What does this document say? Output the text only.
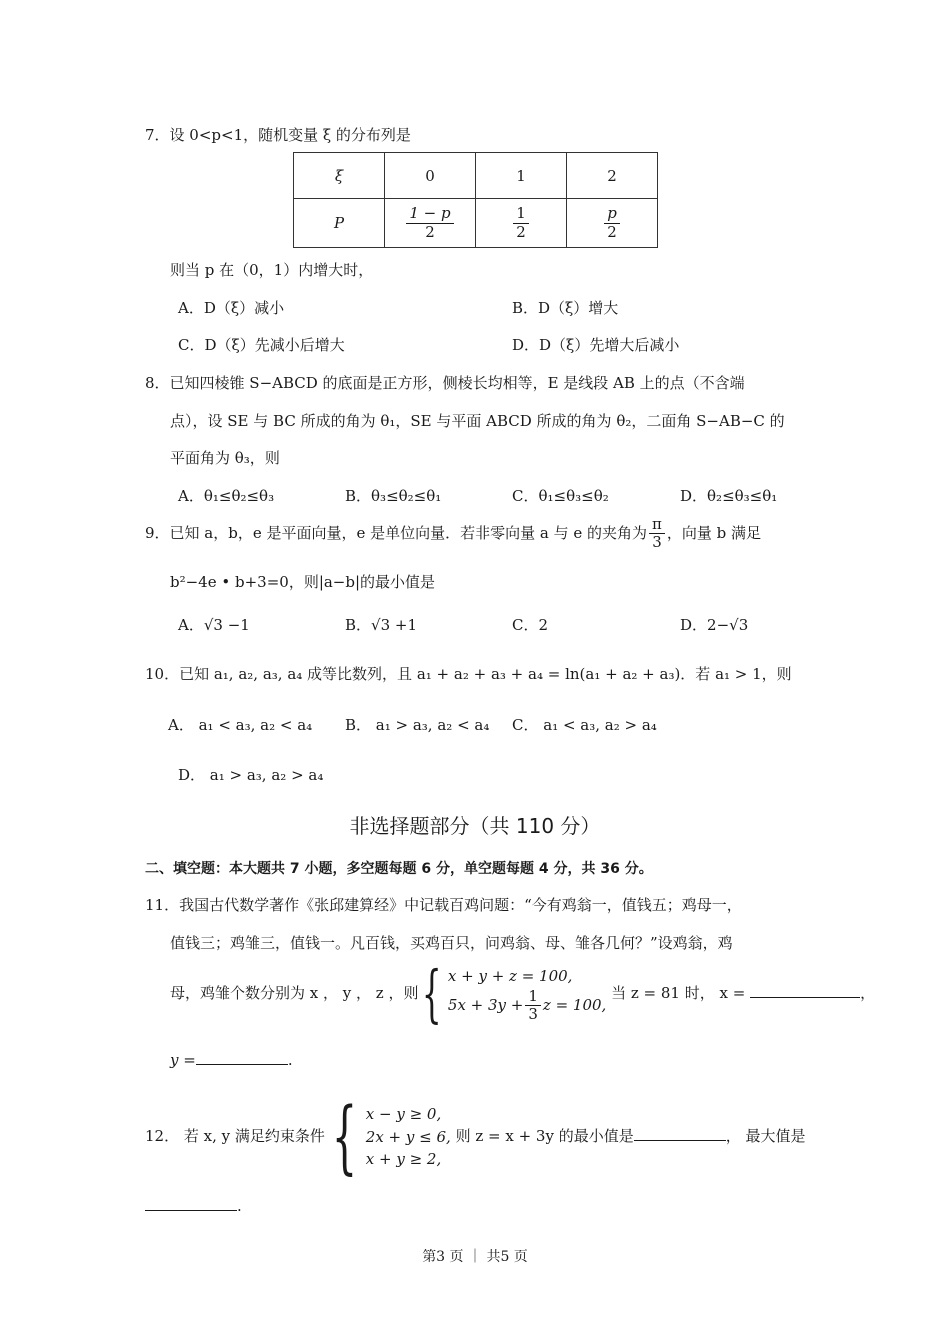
7．设 0<p<1，随机变量 ξ 的分布列是
ξ	0	1	2
P	$\frac{1 - p}{2}$	$\frac{1}{2}$	$\frac{p}{2}$
则当 p 在（0，1）内增大时，
A．D（ξ）减小	B．D（ξ）增大
C．D（ξ）先减小后增大	D．D（ξ）先增大后减小
8．已知四棱锥 S−ABCD 的底面是正方形，侧棱长均相等，E 是线段 AB 上的点（不含端
点），设 SE 与 BC 所成的角为 θ₁，SE 与平面 ABCD 所成的角为 θ₂，二面角 S−AB−C 的
平面角为 θ₃，则
A．θ₁≤θ₂≤θ₃	B．θ₃≤θ₂≤θ₁	C．θ₁≤θ₃≤θ₂	D．θ₂≤θ₃≤θ₁
9．已知 a，b，e 是平面向量，e 是单位向量．若非零向量 a 与 e 的夹角为 $\frac{\pi}{3}$ ，向量 b 满足
b²−4e • b+3=0，则|a−b|的最小值是
A．√3 −1	B．√3 +1	C．2	D．2−√3
10．已知 a₁, a₂, a₃, a₄ 成等比数列，且 a₁ + a₂ + a₃ + a₄ = ln(a₁ + a₂ + a₃)．若 a₁ > 1，则
A． a₁ < a₃, a₂ < a₄ B． a₁ > a₃, a₂ < a₄ C． a₁ < a₃, a₂ > a₄
D． a₁ > a₃, a₂ > a₄
非选择题部分（共 110 分）
二、填空题：本大题共 7 小题，多空题每题 6 分，单空题每题 4 分，共 36 分。
11．我国古代数学著作《张邱建算经》中记载百鸡问题：“今有鸡翁一，值钱五；鸡母一，
值钱三；鸡雏三，值钱一。凡百钱，买鸡百只，问鸡翁、母、雏各几何？”设鸡翁，鸡
母，鸡雏个数分别为 x ， y ， z ，则{ x + y + z = 100,
$5x + 3y + \frac{1}{3}$ z = 100,
当 z = 81 时， x =	，
y =	.
12． 若 x, y 满足约束条件{ x − y ≥ 0,
2x + y ≤ 6,
x + y ≥ 2,
则 z = x + 3y 的最小值是	， 最大值是
.
第3 页 ｜ 共5 页
